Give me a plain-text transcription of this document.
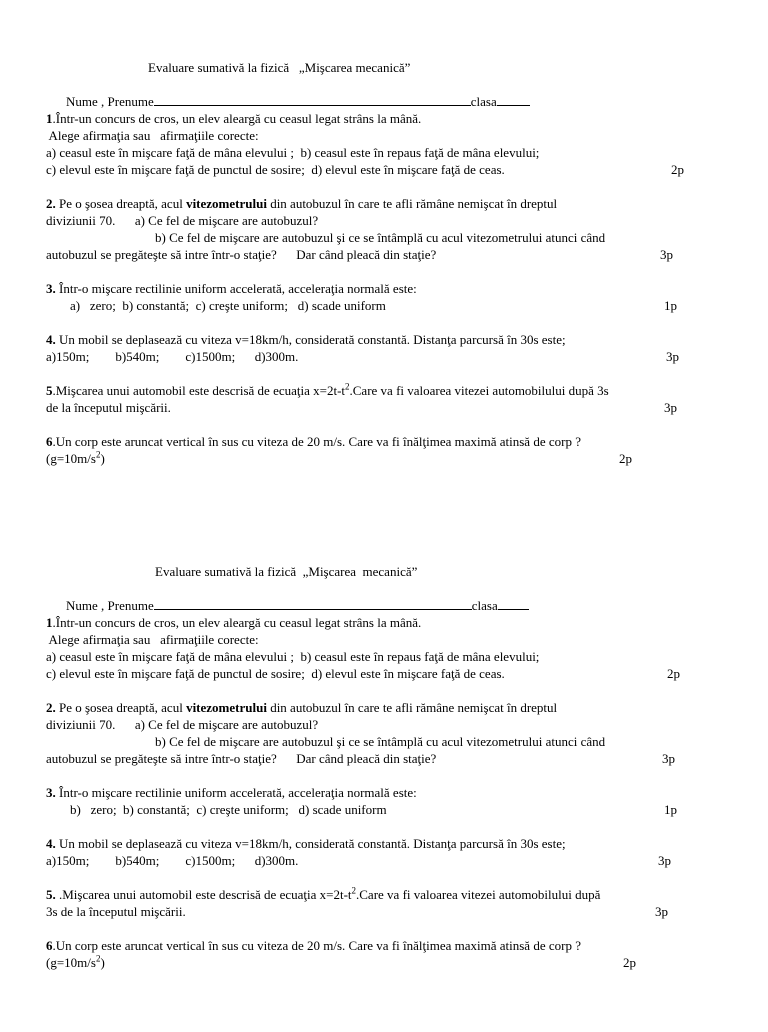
Evaluare sumativă la fizică   „Mişcarea mecanică”

Nume , Prenume	clasa

1.Într-un concurs de cros, un elev aleargă cu ceasul legat strâns la mână.
Alege afirmaţia sau   afirmaţiile corecte:
a) ceasul este în mişcare faţă de mâna elevului ;  b) ceasul este în repaus faţă de mâna elevului;
c) elevul este în mişcare faţă de punctul de sosire;  d) elevul este în mişcare faţă de ceas.	2p
2. Pe o şosea dreaptă, acul vitezometrului din autobuzul în care te afli rămâne nemişcat în dreptul
diviziunii 70.      a) Ce fel de mişcare are autobuzul?
b) Ce fel de mişcare are autobuzul şi ce se întâmplă cu acul vitezometrului atunci când
autobuzul se pregăteşte să intre într-o staţie?      Dar când pleacă din staţie?	3p
3. Într-o mişcare rectilinie uniform accelerată, acceleraţia normală este:
a)   zero;  b) constantă;  c) creşte uniform;   d) scade uniform	1p
4. Un mobil se deplasează cu viteza v=18km/h, considerată constantă. Distanţa parcursă în 30s este;
a)150m;        b)540m;        c)1500m;      d)300m.	3p
5.Mişcarea unui automobil este descrisă de ecuaţia $x=2t-t^2.Care$ va fi valoarea vitezei automobilului după 3s
de la începutul mişcării.	3p
6.Un corp este aruncat vertical în sus cu viteza de 20 m/s. Care va fi înălţimea maximă atinsă de corp ?
$(g=10m/s^2)$	2p
Evaluare sumativă la fizică  „Mişcarea  mecanică”

Nume , Prenume	clasa

1.Într-un concurs de cros, un elev aleargă cu ceasul legat strâns la mână.
Alege afirmaţia sau   afirmaţiile corecte:
a) ceasul este în mişcare faţă de mâna elevului ;  b) ceasul este în repaus faţă de mâna elevului;
c) elevul este în mişcare faţă de punctul de sosire;  d) elevul este în mişcare faţă de ceas.	2p
2. Pe o şosea dreaptă, acul vitezometrului din autobuzul în care te afli rămâne nemişcat în dreptul
diviziunii 70.      a) Ce fel de mişcare are autobuzul?
b) Ce fel de mişcare are autobuzul şi ce se întâmplă cu acul vitezometrului atunci când
autobuzul se pregăteşte să intre într-o staţie?      Dar când pleacă din staţie?	3p
3. Într-o mişcare rectilinie uniform accelerată, acceleraţia normală este:
b)   zero;  b) constantă;  c) creşte uniform;   d) scade uniform	1p
4. Un mobil se deplasează cu viteza v=18km/h, considerată constantă. Distanţa parcursă în 30s este;
a)150m;        b)540m;        c)1500m;      d)300m.	3p
5. .Mişcarea unui automobil este descrisă de ecuaţia $x=2t-t^2.Care$ va fi valoarea vitezei automobilului după
3s de la începutul mişcării.	3p
6.Un corp este aruncat vertical în sus cu viteza de 20 m/s. Care va fi înălţimea maximă atinsă de corp ?
$(g=10m/s^2)$	2p
